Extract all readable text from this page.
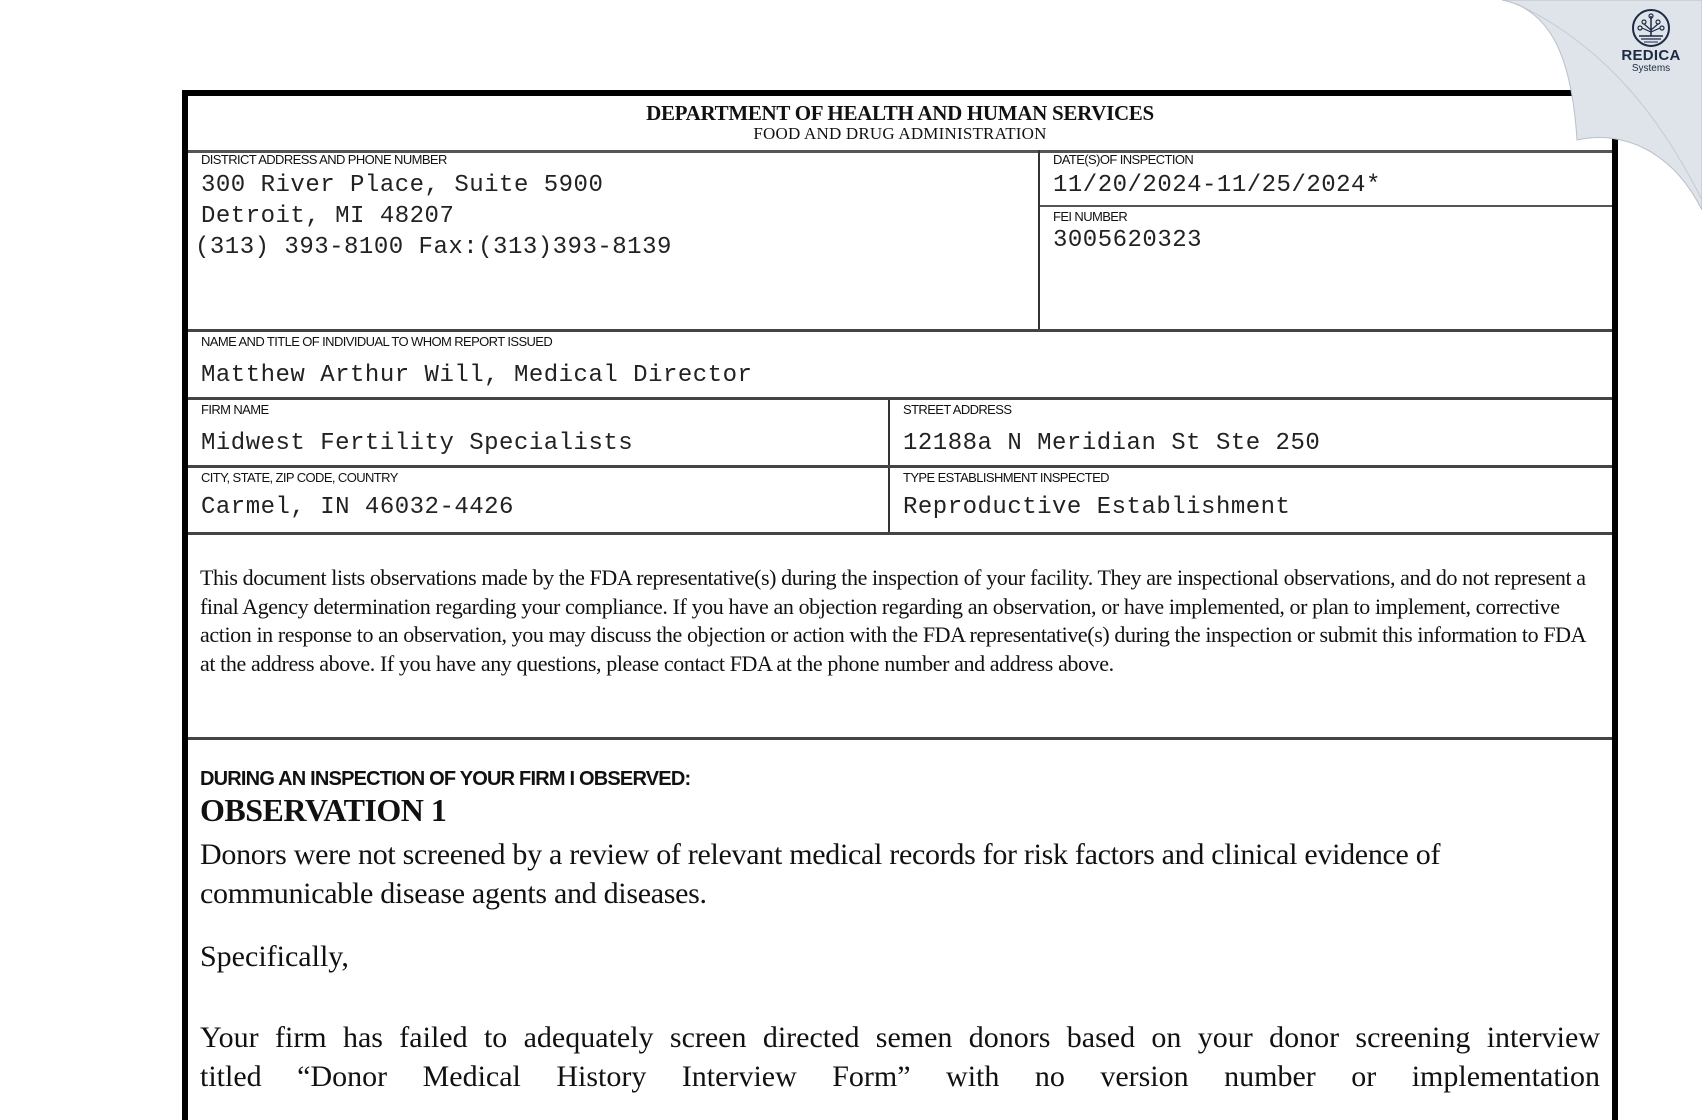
DEPARTMENT OF HEALTH AND HUMAN SERVICES
FOOD AND DRUG ADMINISTRATION
DISTRICT ADDRESS AND PHONE NUMBER
300 River Place, Suite 5900
Detroit, MI 48207
(313) 393-8100 Fax:(313)393-8139
DATE(S)OF INSPECTION
11/20/2024-11/25/2024*
FEI NUMBER
3005620323
NAME AND TITLE OF INDIVIDUAL TO WHOM REPORT ISSUED
Matthew Arthur Will, Medical Director
FIRM NAME
Midwest Fertility Specialists
STREET ADDRESS
12188a N Meridian St Ste 250
CITY, STATE, ZIP CODE, COUNTRY
Carmel, IN 46032-4426
TYPE ESTABLISHMENT INSPECTED
Reproductive Establishment
This document lists observations made by the FDA representative(s) during the inspection of your facility. They are inspectional observations, and do not represent a final Agency determination regarding your compliance. If you have an objection regarding an observation, or have implemented, or plan to implement, corrective action in response to an observation, you may discuss the objection or action with the FDA representative(s) during the inspection or submit this information to FDA at the address above. If you have any questions, please contact FDA at the phone number and address above.
DURING AN INSPECTION OF YOUR FIRM I OBSERVED:
OBSERVATION 1
Donors were not screened by a review of relevant medical records for risk factors and clinical evidence of communicable disease agents and diseases.
Specifically,
Your firm has failed to adequately screen directed semen donors based on your donor screening interview titled “Donor Medical History Interview Form” with no version number or implementation
REDICA
Systems
